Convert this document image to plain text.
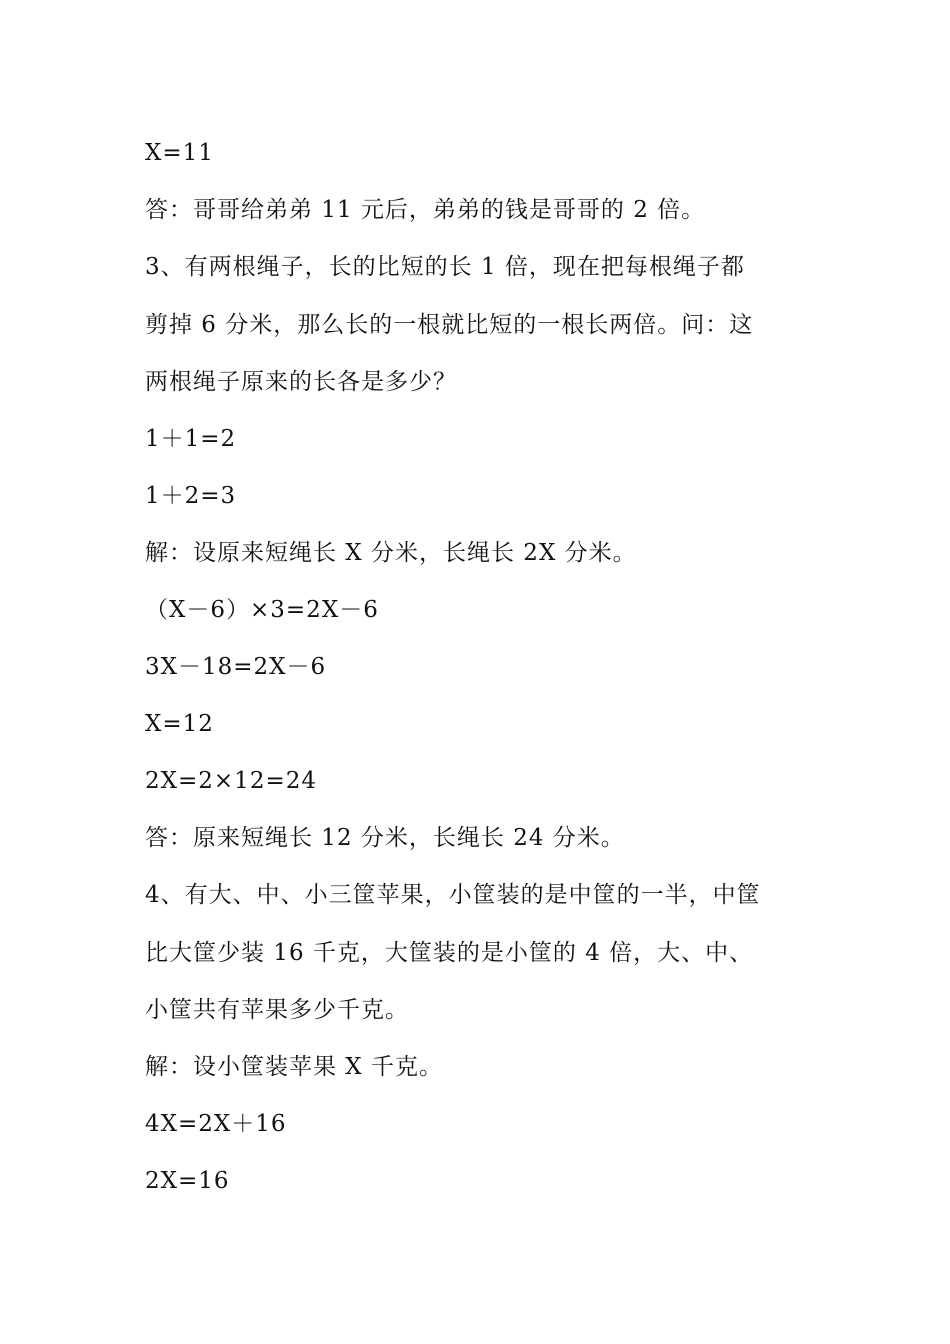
X=11
答：哥哥给弟弟 11 元后，弟弟的钱是哥哥的 2 倍。
3、有两根绳子，长的比短的长 1 倍，现在把每根绳子都
剪掉 6 分米，那么长的一根就比短的一根长两倍。问：这
两根绳子原来的长各是多少？
1＋1=2
1＋2=3
解：设原来短绳长 X 分米，长绳长 2X 分米。
（X－6）×3=2X－6
3X－18=2X－6
X=12
2X=2×12=24
答：原来短绳长 12 分米，长绳长 24 分米。
4、有大、中、小三筐苹果，小筐装的是中筐的一半，中筐
比大筐少装 16 千克，大筐装的是小筐的 4 倍，大、中、
小筐共有苹果多少千克。
解：设小筐装苹果 X 千克。
4X=2X＋16
2X=16
